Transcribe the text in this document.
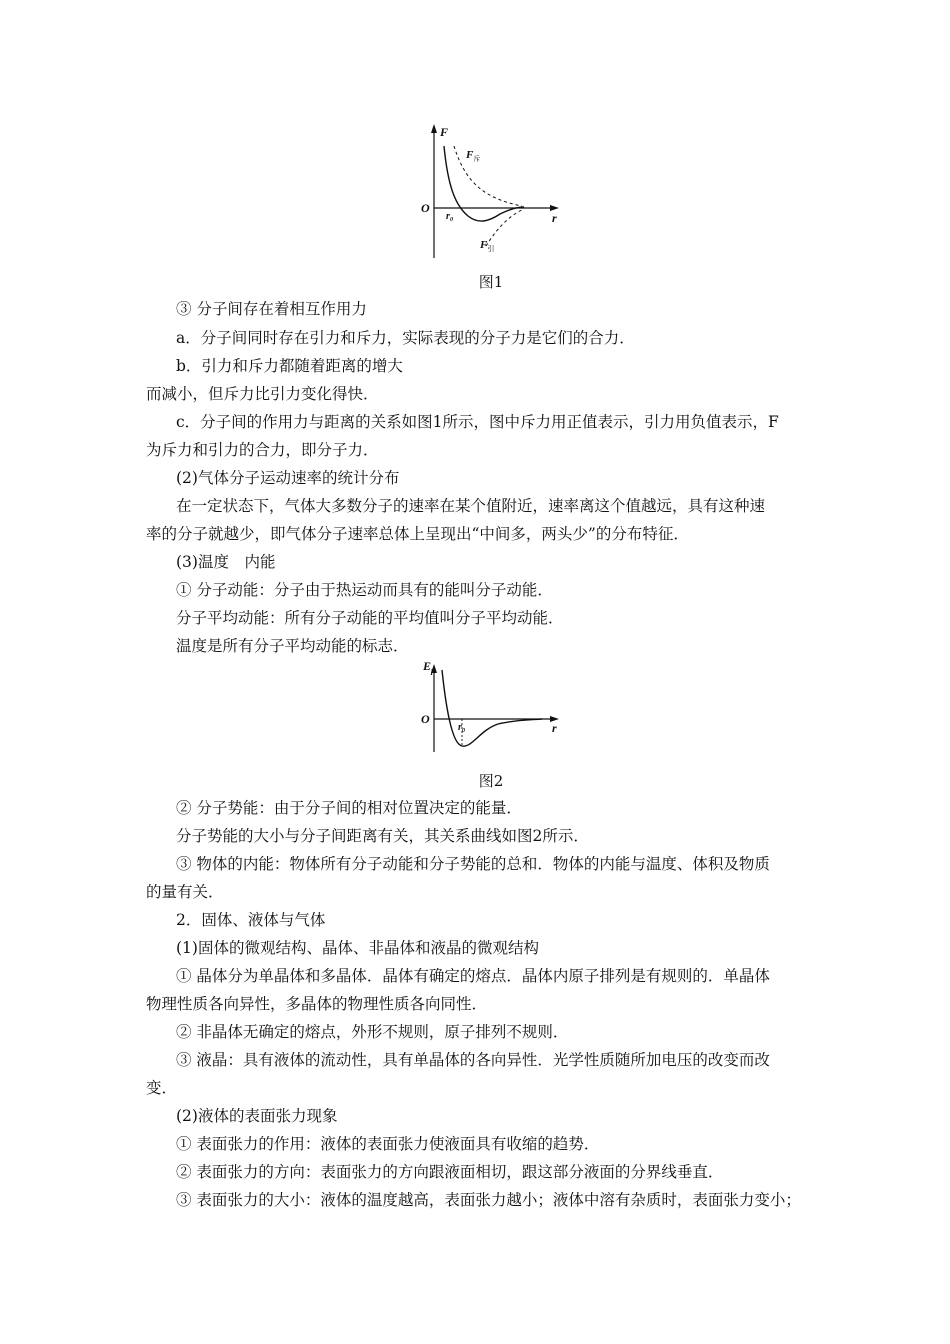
F
r
O
r₀
$F_斥$
$F_引$
图1
③ 分子间存在着相互作用力
a．分子间同时存在引力和斥力，实际表现的分子力是它们的合力．
b．引力和斥力都随着距离的增大
而减小，但斥力比引力变化得快．
c．分子间的作用力与距离的关系如图1所示，图中斥力用正值表示，引力用负值表示，F
为斥力和引力的合力，即分子力．
(2)气体分子运动速率的统计分布
在一定状态下，气体大多数分子的速率在某个值附近，速率离这个值越远，具有这种速
率的分子就越少，即气体分子速率总体上呈现出“中间多，两头少”的分布特征．
(3)温度　内能
① 分子动能：分子由于热运动而具有的能叫分子动能．
分子平均动能：所有分子动能的平均值叫分子平均动能．
温度是所有分子平均动能的标志．
$E_p$
r
O
r₀
图2
② 分子势能：由于分子间的相对位置决定的能量．
分子势能的大小与分子间距离有关，其关系曲线如图2所示．
③ 物体的内能：物体所有分子动能和分子势能的总和．物体的内能与温度、体积及物质
的量有关．
2．固体、液体与气体
(1)固体的微观结构、晶体、非晶体和液晶的微观结构
① 晶体分为单晶体和多晶体．晶体有确定的熔点．晶体内原子排列是有规则的．单晶体
物理性质各向异性，多晶体的物理性质各向同性．
② 非晶体无确定的熔点，外形不规则，原子排列不规则．
③ 液晶：具有液体的流动性，具有单晶体的各向异性．光学性质随所加电压的改变而改
变．
(2)液体的表面张力现象
① 表面张力的作用：液体的表面张力使液面具有收缩的趋势．
② 表面张力的方向：表面张力的方向跟液面相切，跟这部分液面的分界线垂直．
③ 表面张力的大小：液体的温度越高，表面张力越小；液体中溶有杂质时，表面张力变小；
